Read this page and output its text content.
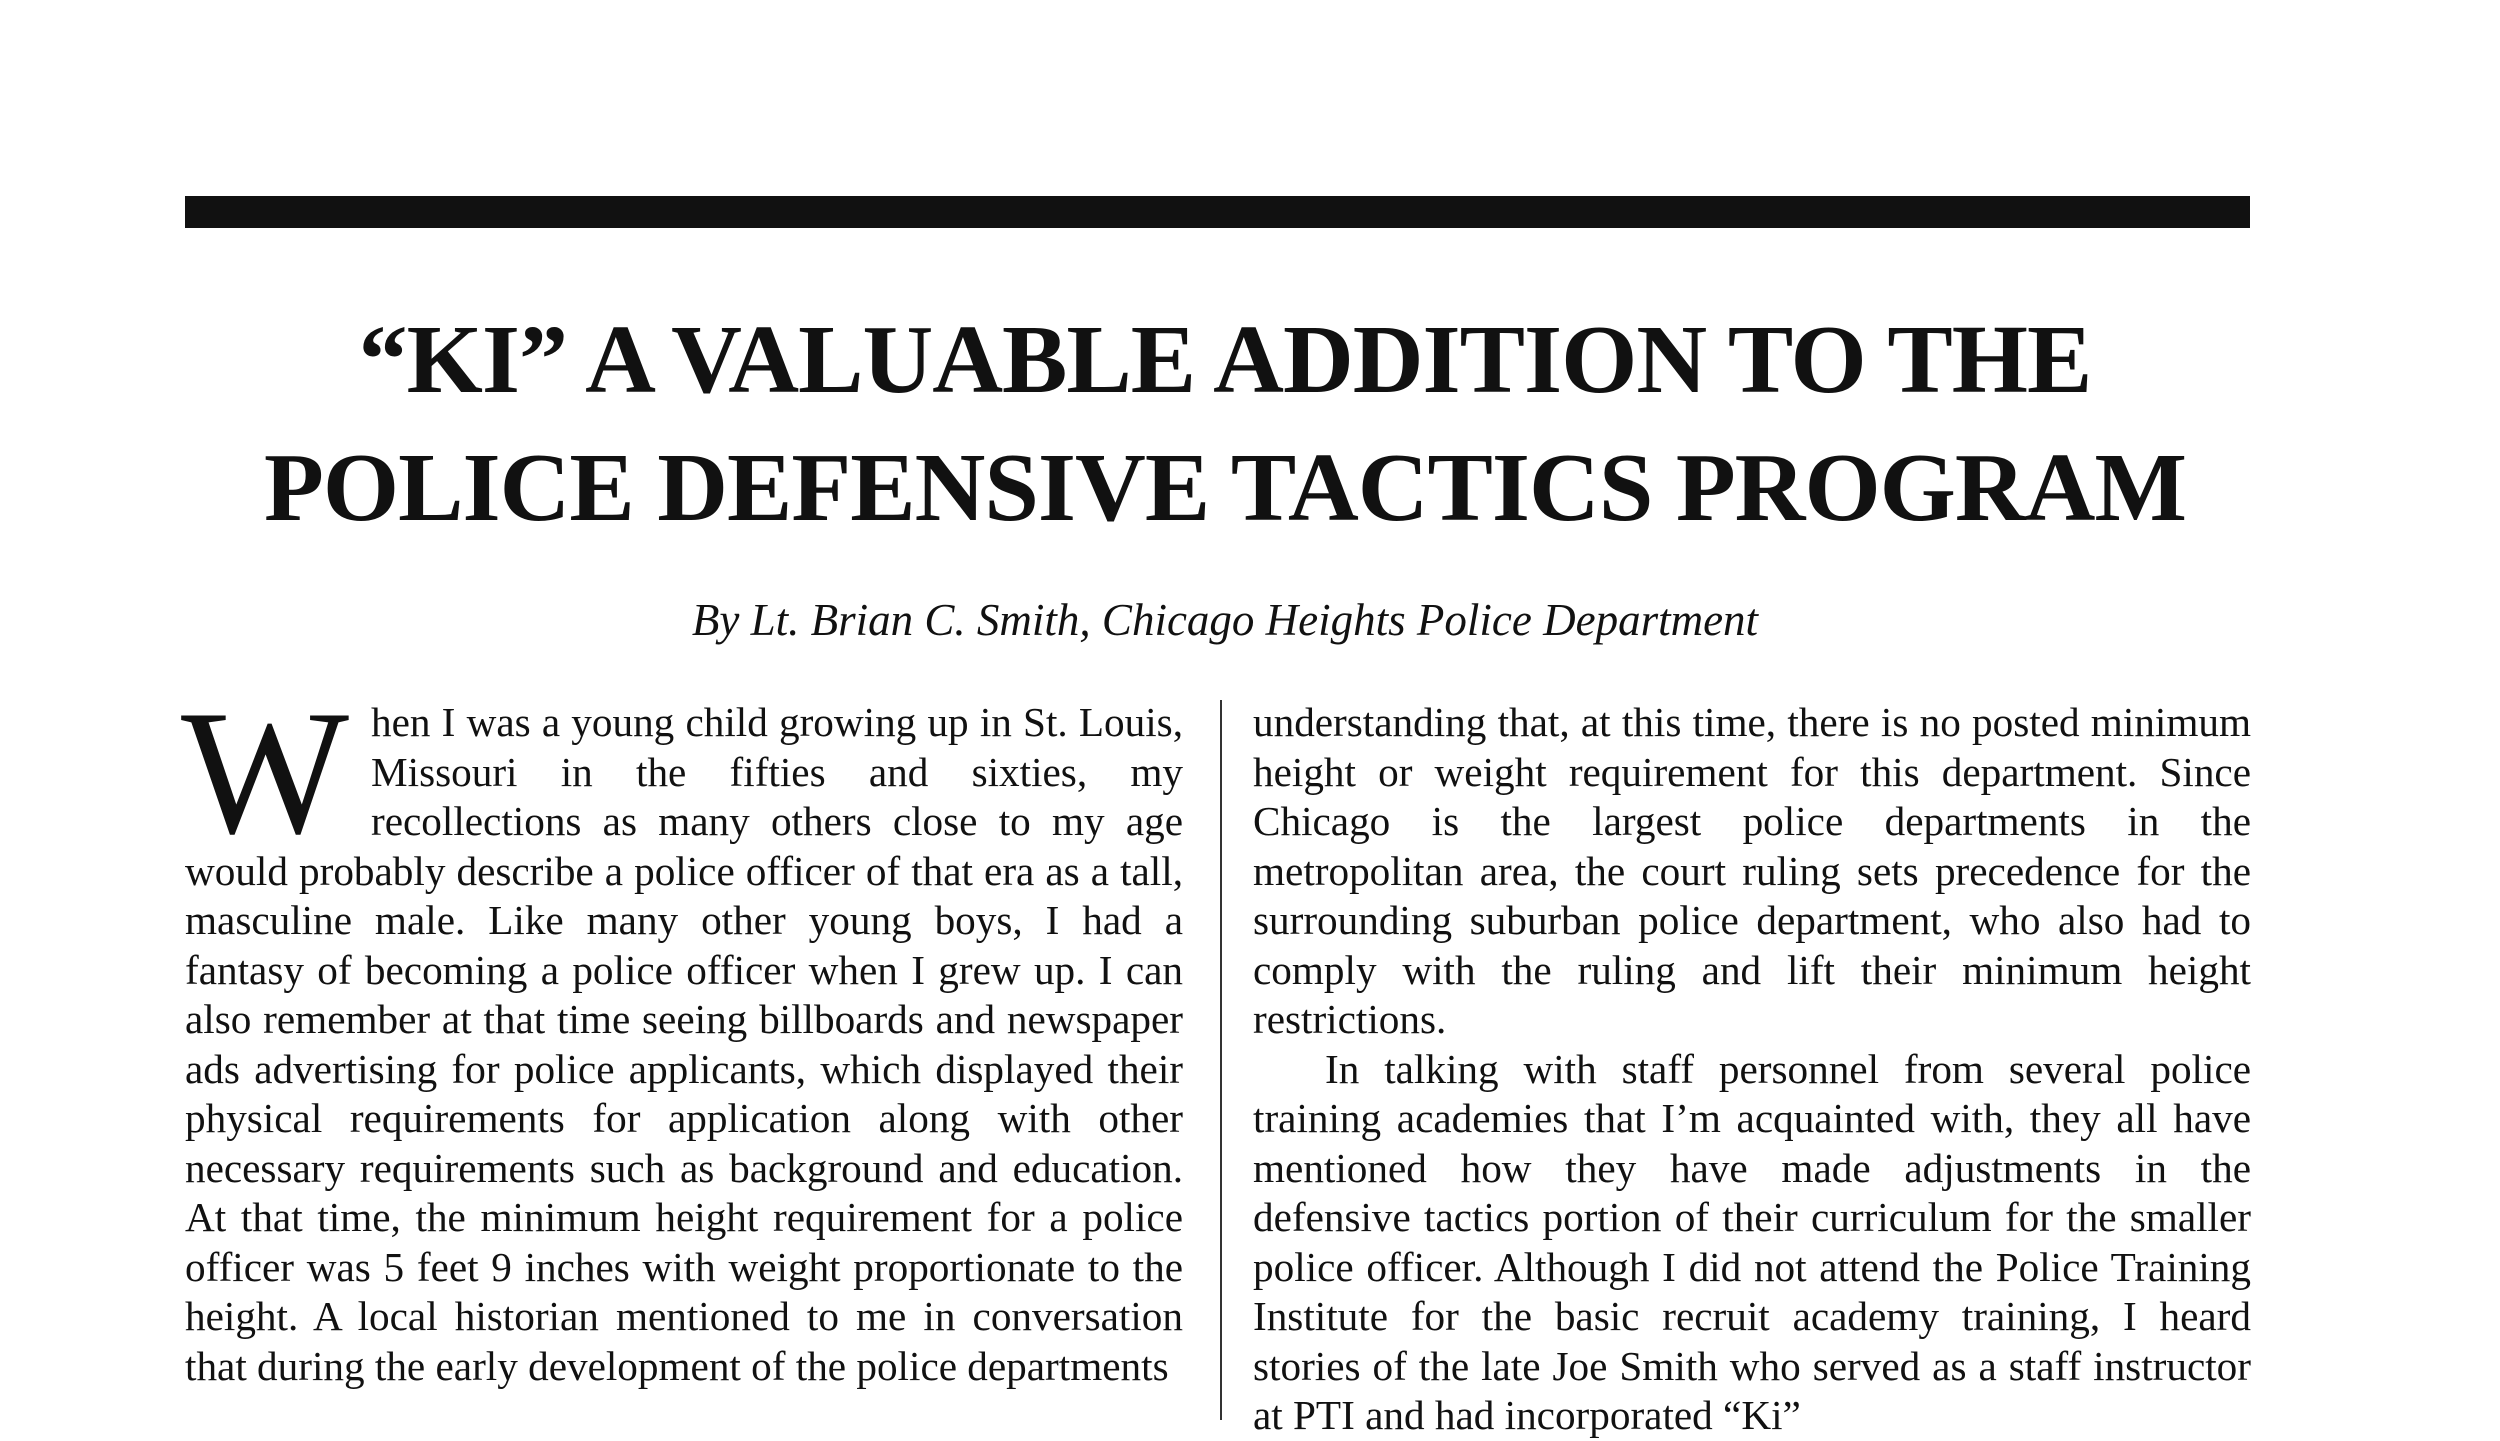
“KI” A VALUABLE ADDITION TO THE
POLICE DEFENSIVE TACTICS PROGRAM
By Lt. Brian C. Smith, Chicago Heights Police Department

When I was a young child growing up in St. Louis, Missouri in the fifties and sixties, my recollections as many others close to my age would probably describe a police officer of that era as a tall, masculine male. Like many other young boys, I had a fantasy of becoming a police officer when I grew up. I can also remember at that time seeing billboards and newspaper ads advertising for police applicants, which displayed their physical requirements for application along with other necessary requirements such as background and education. At that time, the minimum height requirement for a police officer was 5 feet 9 inches with weight proportionate to the height. A local historian mentioned to me in conversation that during the early development of the police departments

understanding that, at this time, there is no posted minimum height or weight requirement for this department. Since Chicago is the largest police departments in the metropolitan area, the court ruling sets precedence for the surrounding suburban police department, who also had to comply with the ruling and lift their minimum height restrictions.

In talking with staff personnel from several police training academies that I’m acquainted with, they all have mentioned how they have made adjustments in the defensive tactics portion of their curriculum for the smaller police officer. Although I did not attend the Police Training Institute for the basic recruit academy training, I heard stories of the late Joe Smith who served as a staff instructor at PTI and had incorporated “Ki”
